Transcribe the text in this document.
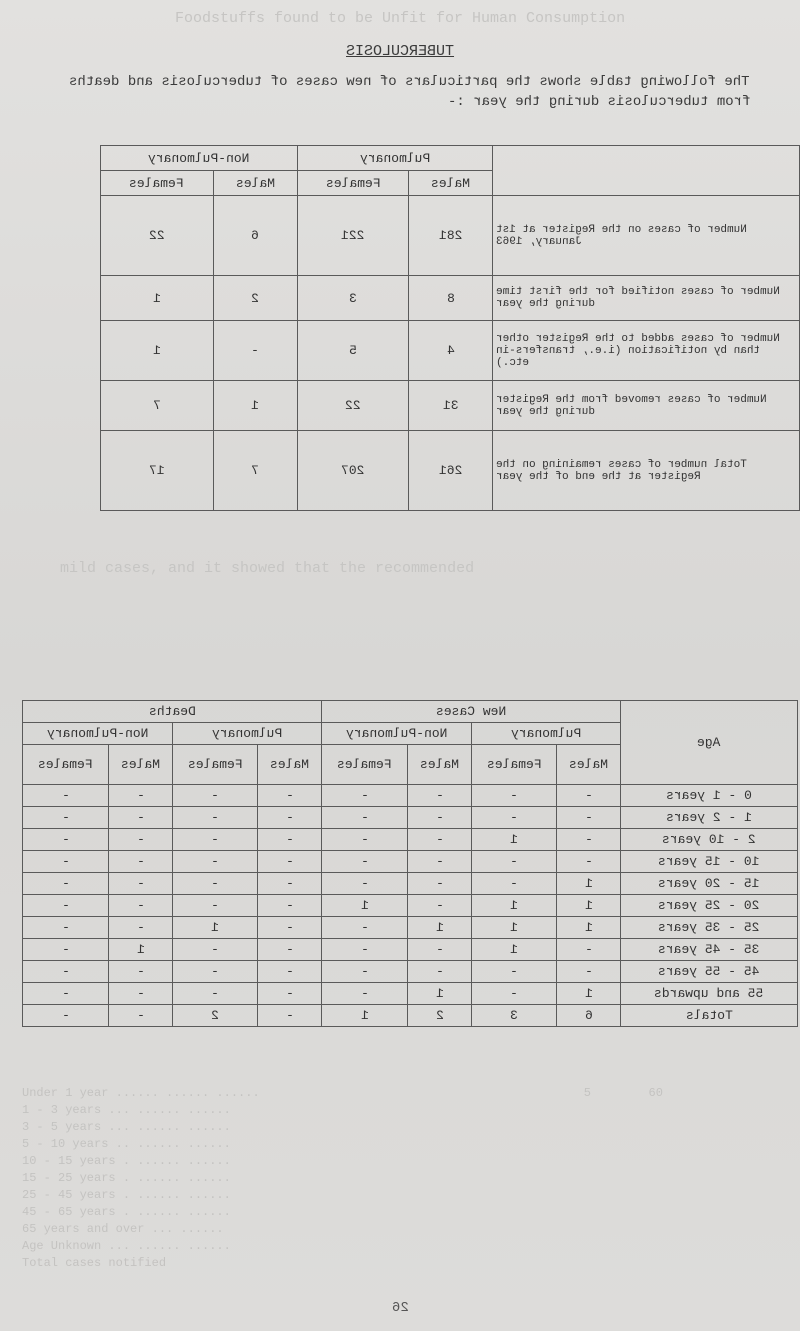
Foodstuffs found to be Unfit for Human Consumption
mild cases, and it showed that the recommended
TUBERCULOSIS
The following table shows the particulars of new cases of tuberculosis and deaths
from tuberculosis during the year :-
Non-Pulmonary		Pulmonary		
Females	Males	Females	Males	
22	6	221	281	Number of cases on the Register at 1st January, 1963
1	2	3	8	Number of cases notified for the first time during the year
1	-	5	4	Number of cases added to the Register other than by notification (i.e., transfers-in etc.)
7	1	22	31	Number of cases removed from the Register during the year
17	7	207	261	Total number of cases remaining on the Register at the end of the year
Deaths				New Cases				Age
Non-Pulmonary		Pulmonary		Non-Pulmonary		Pulmonary		
Females	Males	Females	Males	Females	Males	Females	Males	
-	-	-	-	-	-	-	-	0 - 1 years
-	-	-	-	-	-	-	-	1 - 2 years
-	-	-	-	-	-	1	-	2 - 10 years
-	-	-	-	-	-	-	-	10 - 15 years
-	-	-	-	-	-	-	1	15 - 20 years
-	-	-	-	1	-	1	1	20 - 25 years
-	-	1	-	-	1	1	1	25 - 35 years
-	1	-	-	-	-	1	-	35 - 45 years
-	-	-	-	-	-	-	-	45 - 55 years
-	-	-	-	-	1	-	1	55 and upwards
-	-	2	-	1	2	3	6	Totals
Under 1 year ...... ...... ......                                             5        60
1 - 3 years ... ...... ......
3 - 5 years ... ...... ......
5 - 10 years .. ...... ......
10 - 15 years . ...... ......
15 - 25 years . ...... ......
25 - 45 years . ...... ......
45 - 65 years . ...... ......
65 years and over ... ......
Age Unknown ... ...... ......
Total cases notified
26
